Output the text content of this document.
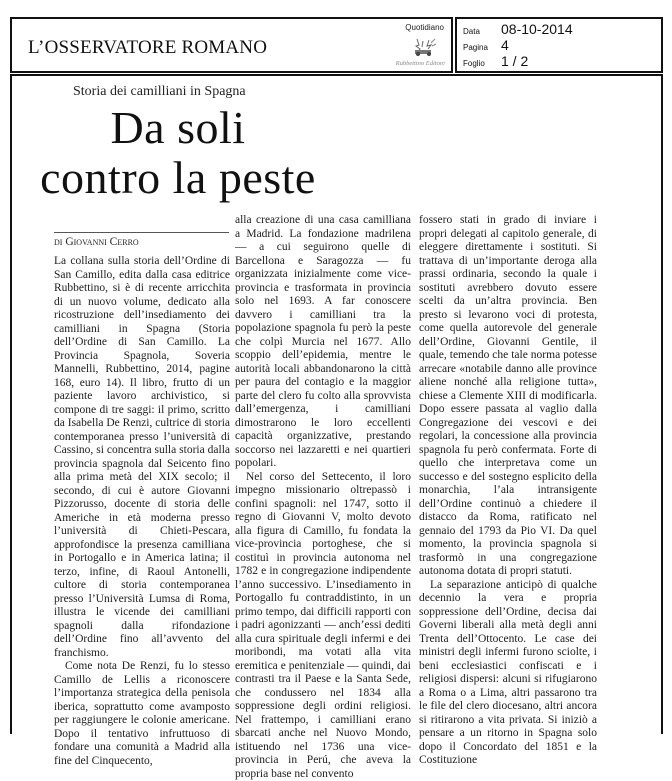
L’OSSERVATORE ROMANO
Quotidiano
Rubbettino Editore
Data 08-10-2014
Pagina 4
Foglio 1 / 2
Storia dei camilliani in Spagna
Da soli
contro la peste
di Giovanni Cerro

La collana sulla storia dell’Ordine di San Camillo, edita dalla casa editrice Rubbettino, si è di recente arricchita di un nuovo volume, dedicato alla ricostruzione dell’insediamento dei camilliani in Spagna (Storia dell’Ordine di San Camillo. La Provincia Spagnola, Soveria Mannelli, Rubbettino, 2014, pagine 168, euro 14). Il libro, frutto di un paziente lavoro archivistico, si compone di tre saggi: il primo, scritto da Isabella De Renzi, cultrice di storia contemporanea presso l’università di Cassino, si concentra sulla storia dalla provincia spagnola dal Seicento fino alla prima metà del XIX secolo; il secondo, di cui è autore Giovanni Pizzorusso, docente di storia delle Americhe in età moderna presso l’università di Chieti-Pescara, approfondisce la presenza camilliana in Portogallo e in America latina; il terzo, infine, di Raoul Antonelli, cultore di storia contemporanea presso l’Università Lumsa di Roma, illustra le vicende dei camilliani spagnoli dalla rifondazione dell’Ordine fino all’avvento del franchismo.

Come nota De Renzi, fu lo stesso Camillo de Lellis a riconoscere l’importanza strategica della penisola iberica, soprattutto come avamposto per raggiungere le colonie americane. Dopo il tentativo infruttuoso di fondare una comunità a Madrid alla fine del Cinquecento,

alla creazione di una casa camilliana a Madrid. La fondazione madrilena — a cui seguirono quelle di Barcellona e Saragozza — fu organizzata inizialmente come vice-provincia e trasformata in provincia solo nel 1693. A far conoscere davvero i camilliani tra la popolazione spagnola fu però la peste che colpì Murcia nel 1677. Allo scoppio dell’epidemia, mentre le autorità locali abbandonarono la città per paura del contagio e la maggior parte del clero fu colto alla sprovvista dall’emergenza, i camilliani dimostrarono le loro eccellenti capacità organizzative, prestando soccorso nei lazzaretti e nei quartieri popolari.

Nel corso del Settecento, il loro impegno missionario oltrepassò i confini spagnoli: nel 1747, sotto il regno di Giovanni V, molto devoto alla figura di Camillo, fu fondata la vice-provincia portoghese, che si costituì in provincia autonoma nel 1782 e in congregazione indipendente l’anno successivo. L’insediamento in Portogallo fu contraddistinto, in un primo tempo, dai difficili rapporti con i padri agonizzanti — anch’essi dediti alla cura spirituale degli infermi e dei moribondi, ma votati alla vita eremitica e penitenziale — quindi, dai contrasti tra il Paese e la Santa Sede, che condussero nel 1834 alla soppressione degli ordini religiosi. Nel frattempo, i camilliani erano sbarcati anche nel Nuovo Mondo, istituendo nel 1736 una vice-provincia in Perú, che aveva la propria base nel convento

fossero stati in grado di inviare i propri delegati al capitolo generale, di eleggere direttamente i sostituti. Si trattava di un’importante deroga alla prassi ordinaria, secondo la quale i sostituti avrebbero dovuto essere scelti da un’altra provincia. Ben presto si levarono voci di protesta, come quella autorevole del generale dell’Ordine, Giovanni Gentile, il quale, temendo che tale norma potesse arrecare «notabile danno alle province aliene nonché alla religione tutta», chiese a Clemente XIII di modificarla. Dopo essere passata al vaglio dalla Congregazione dei vescovi e dei regolari, la concessione alla provincia spagnola fu però confermata. Forte di quello che interpretava come un successo e del sostegno esplicito della monarchia, l’ala intransigente dell’Ordine continuò a chiedere il distacco da Roma, ratificato nel gennaio del 1793 da Pio VI. Da quel momento, la provincia spagnola si trasformò in una congregazione autonoma dotata di propri statuti.

La separazione anticipò di qualche decennio la vera e propria soppressione dell’Ordine, decisa dai Governi liberali alla metà degli anni Trenta dell’Ottocento. Le case dei ministri degli infermi furono sciolte, i beni ecclesiastici confiscati e i religiosi dispersi: alcuni si rifugiarono a Roma o a Lima, altri passarono tra le file del clero diocesano, altri ancora si ritirarono a vita privata. Si iniziò a pensare a un ritorno in Spagna solo dopo il Concordato del 1851 e la Costituzione
